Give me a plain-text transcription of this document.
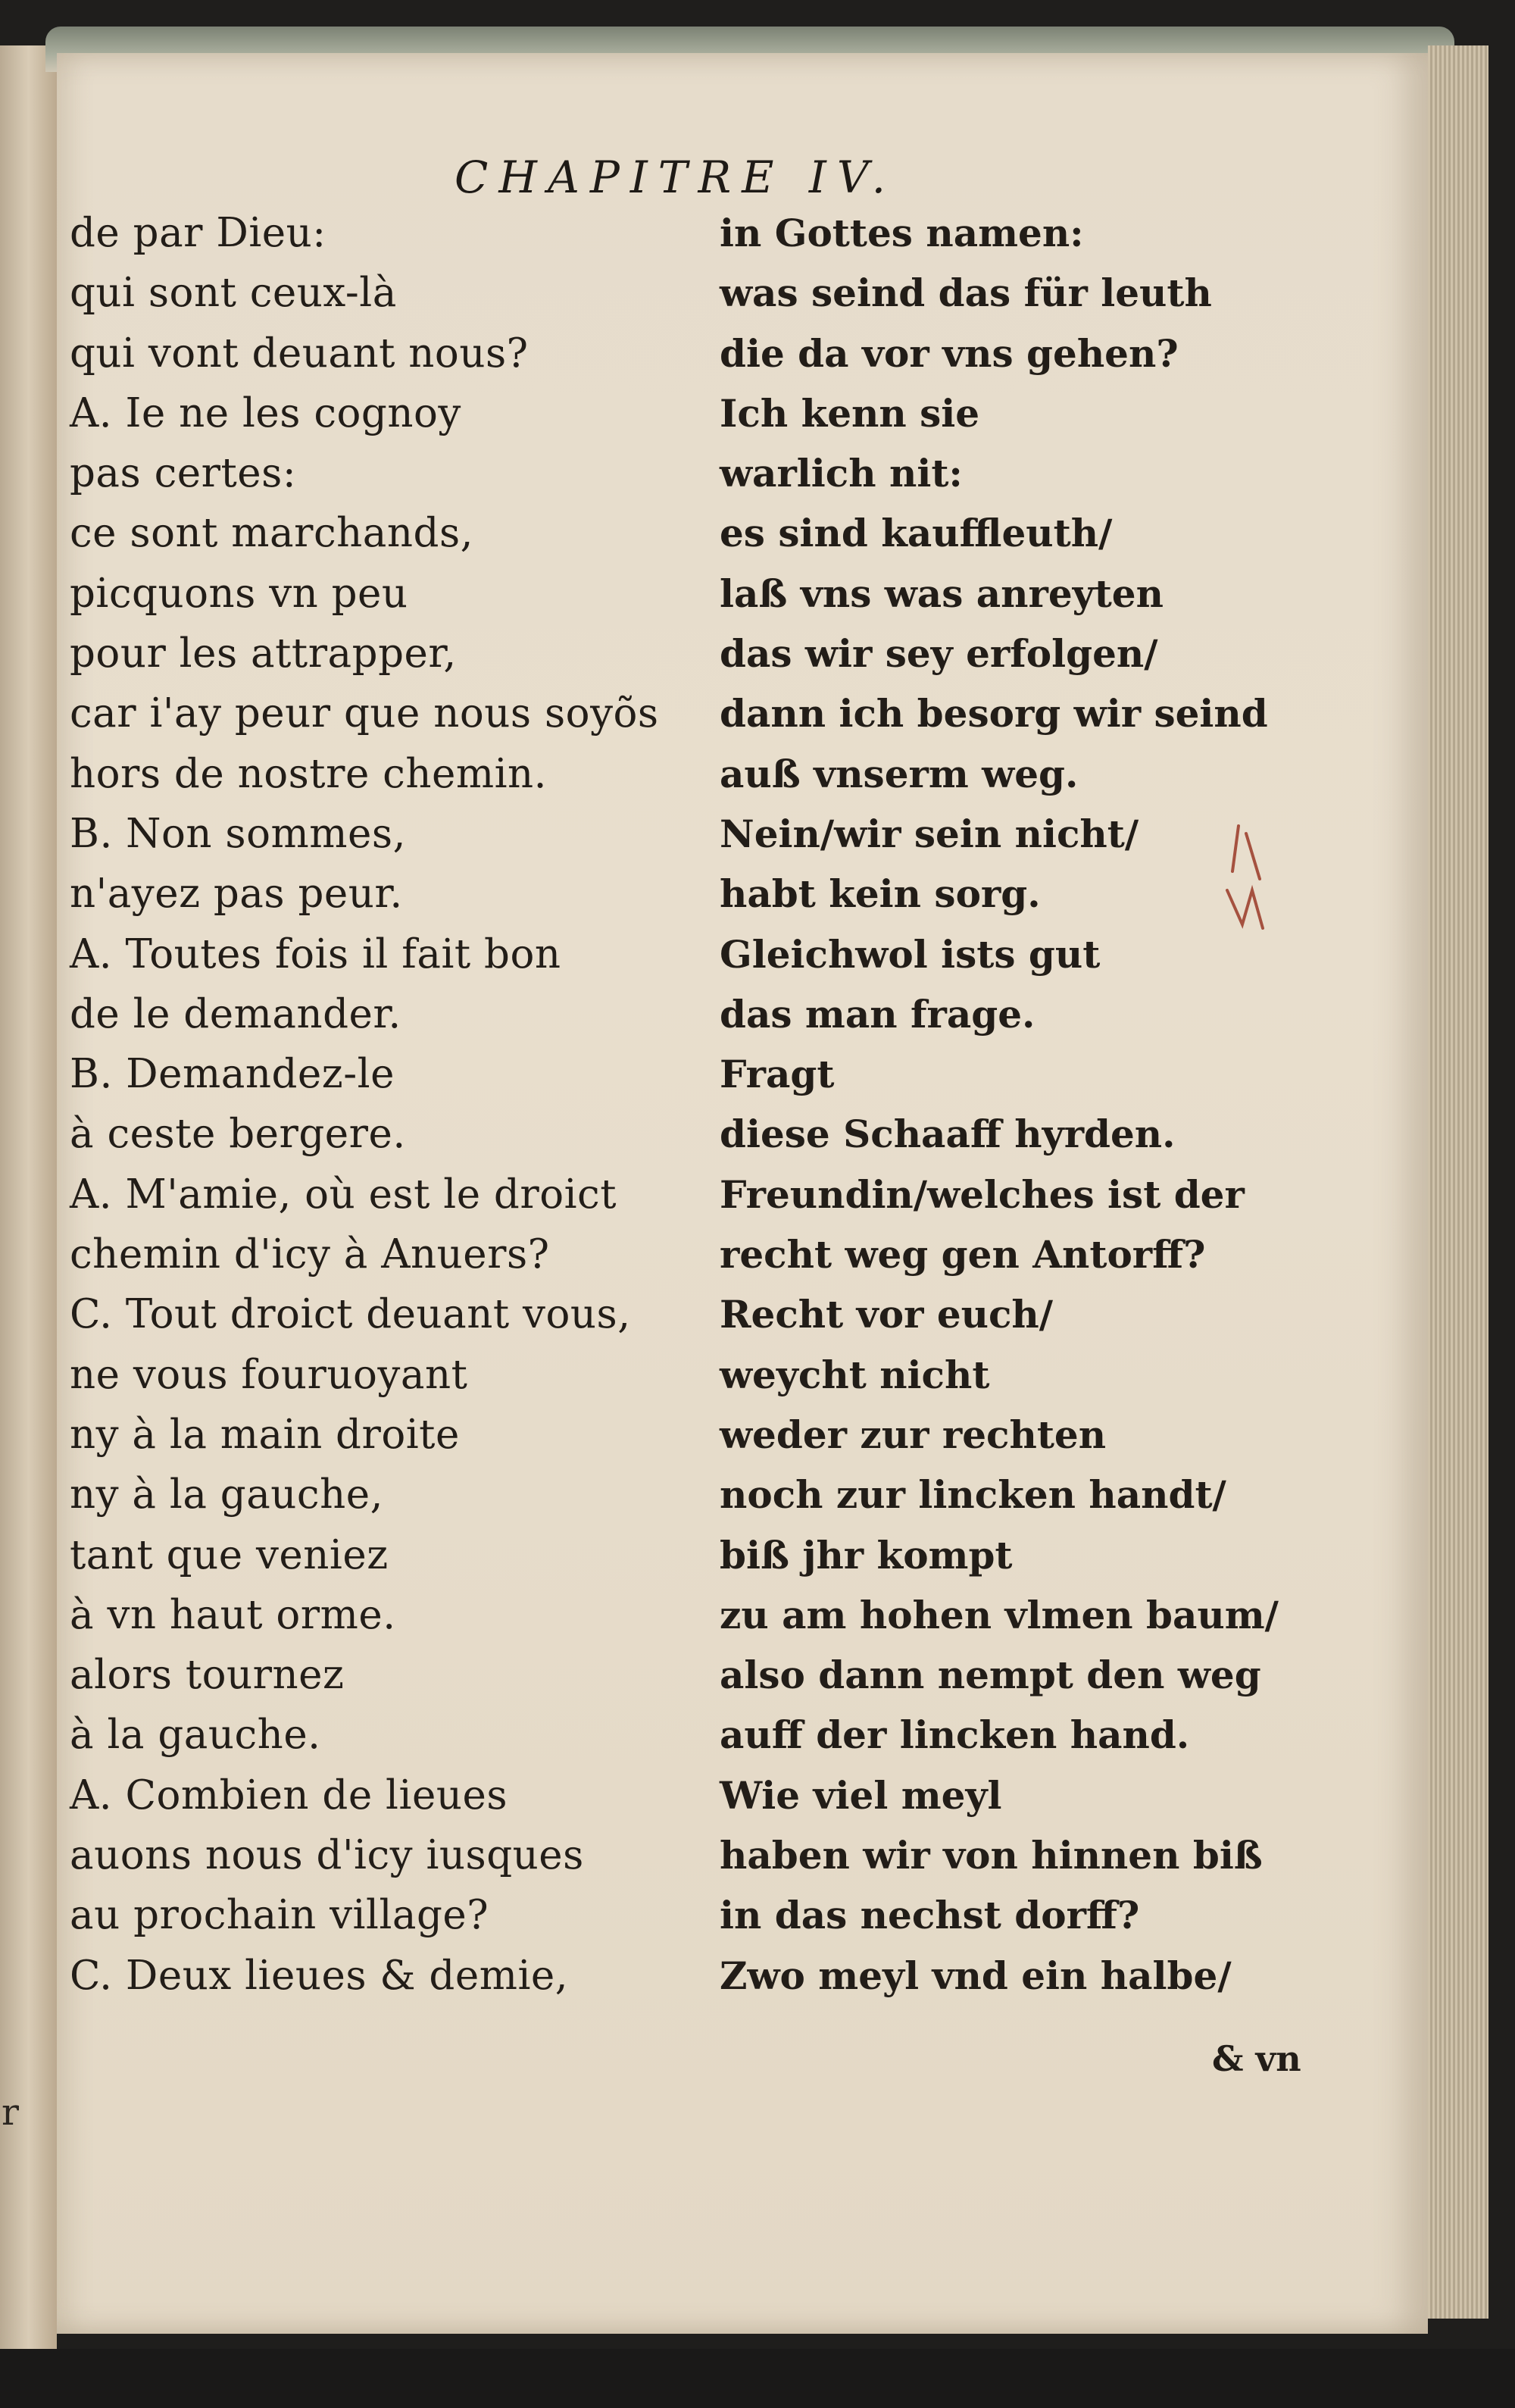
r
CHAPITRE IV.
de par Dieu:
qui sont ceux-là
qui vont deuant nous?
A. Ie ne les cognoy
pas certes:
ce sont marchands,
picquons vn peu
pour les attrapper,
car i'ay peur que nous soyõs
hors de nostre chemin.
B. Non sommes,
n'ayez pas peur.
A. Toutes fois il fait bon
de le demander.
B. Demandez-le
à ceste bergere.
A. M'amie, où est le droict
chemin d'icy à Anuers?
C. Tout droict deuant vous,
ne vous fouruoyant
ny à la main droite
ny à la gauche,
tant que veniez
à vn haut orme.
alors tournez
à la gauche.
A. Combien de lieues
auons nous d'icy iusques
au prochain village?
C. Deux lieues & demie,
in Gottes namen:
was seind das für leuth
die da vor vns gehen?
Ich kenn sie
warlich nit:
es sind kauffleuth/
laß vns was anreyten
das wir sey erfolgen/
dann ich besorg wir seind
auß vnserm weg.
Nein/wir sein nicht/
habt kein sorg.
Gleichwol ists gut
das man frage.
Fragt
diese Schaaff hyrden.
Freundin/welches ist der
recht weg gen Antorff?
Recht vor euch/
weycht nicht
weder zur rechten
noch zur lincken handt/
biß jhr kompt
zu am hohen vlmen baum/
also dann nempt den weg
auff der lincken hand.
Wie viel meyl
haben wir von hinnen biß
in das nechst dorff?
Zwo meyl vnd ein halbe/
& vn
